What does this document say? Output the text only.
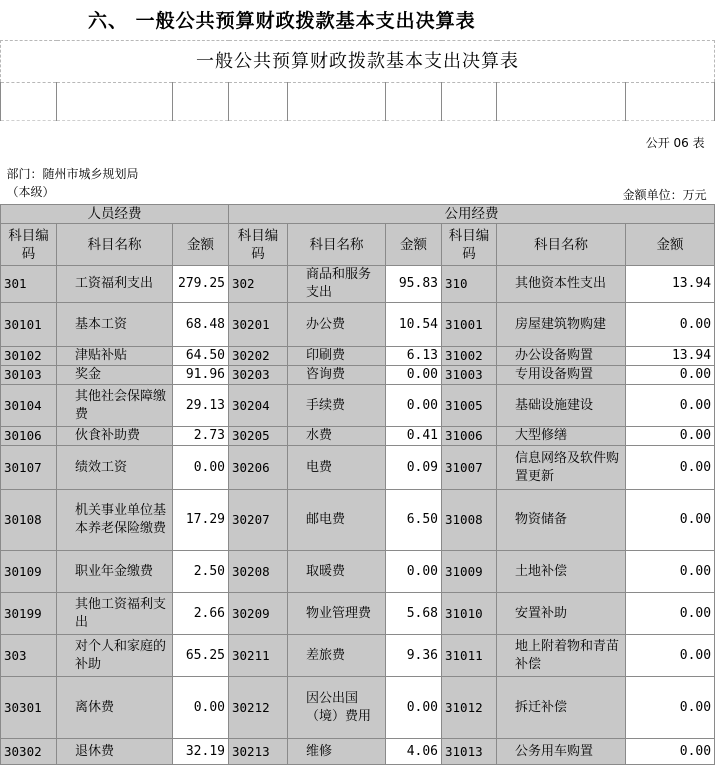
六、 一般公共预算财政拨款基本支出决算表
一般公共预算财政拨款基本支出决算表								

公开 06 表								

部门：随州市城乡规划局
（本级）					金额单位：万元			
人员经费			公用经费					
科目编码	科目名称	金额	科目编码	科目名称	金额	科目编码	科目名称	金额
301	工资福利支出	279.25	302	商品和服务支出	95.83	310	其他资本性支出	13.94
30101	基本工资	68.48	30201	办公费	10.54	31001	房屋建筑物购建	0.00
30102	津贴补贴	64.50	30202	印刷费	6.13	31002	办公设备购置	13.94
30103	奖金	91.96	30203	咨询费	0.00	31003	专用设备购置	0.00
30104	其他社会保障缴费	29.13	30204	手续费	0.00	31005	基础设施建设	0.00
30106	伙食补助费	2.73	30205	水费	0.41	31006	大型修缮	0.00
30107	绩效工资	0.00	30206	电费	0.09	31007	信息网络及软件购置更新	0.00
30108	机关事业单位基本养老保险缴费	17.29	30207	邮电费	6.50	31008	物资储备	0.00
30109	职业年金缴费	2.50	30208	取暖费	0.00	31009	土地补偿	0.00
30199	其他工资福利支出	2.66	30209	物业管理费	5.68	31010	安置补助	0.00
303	对个人和家庭的补助	65.25	30211	差旅费	9.36	31011	地上附着物和青苗补偿	0.00
30301	离休费	0.00	30212	因公出国（境）费用	0.00	31012	拆迁补偿	0.00
30302	退休费	32.19	30213	维修	4.06	31013	公务用车购置	0.00
